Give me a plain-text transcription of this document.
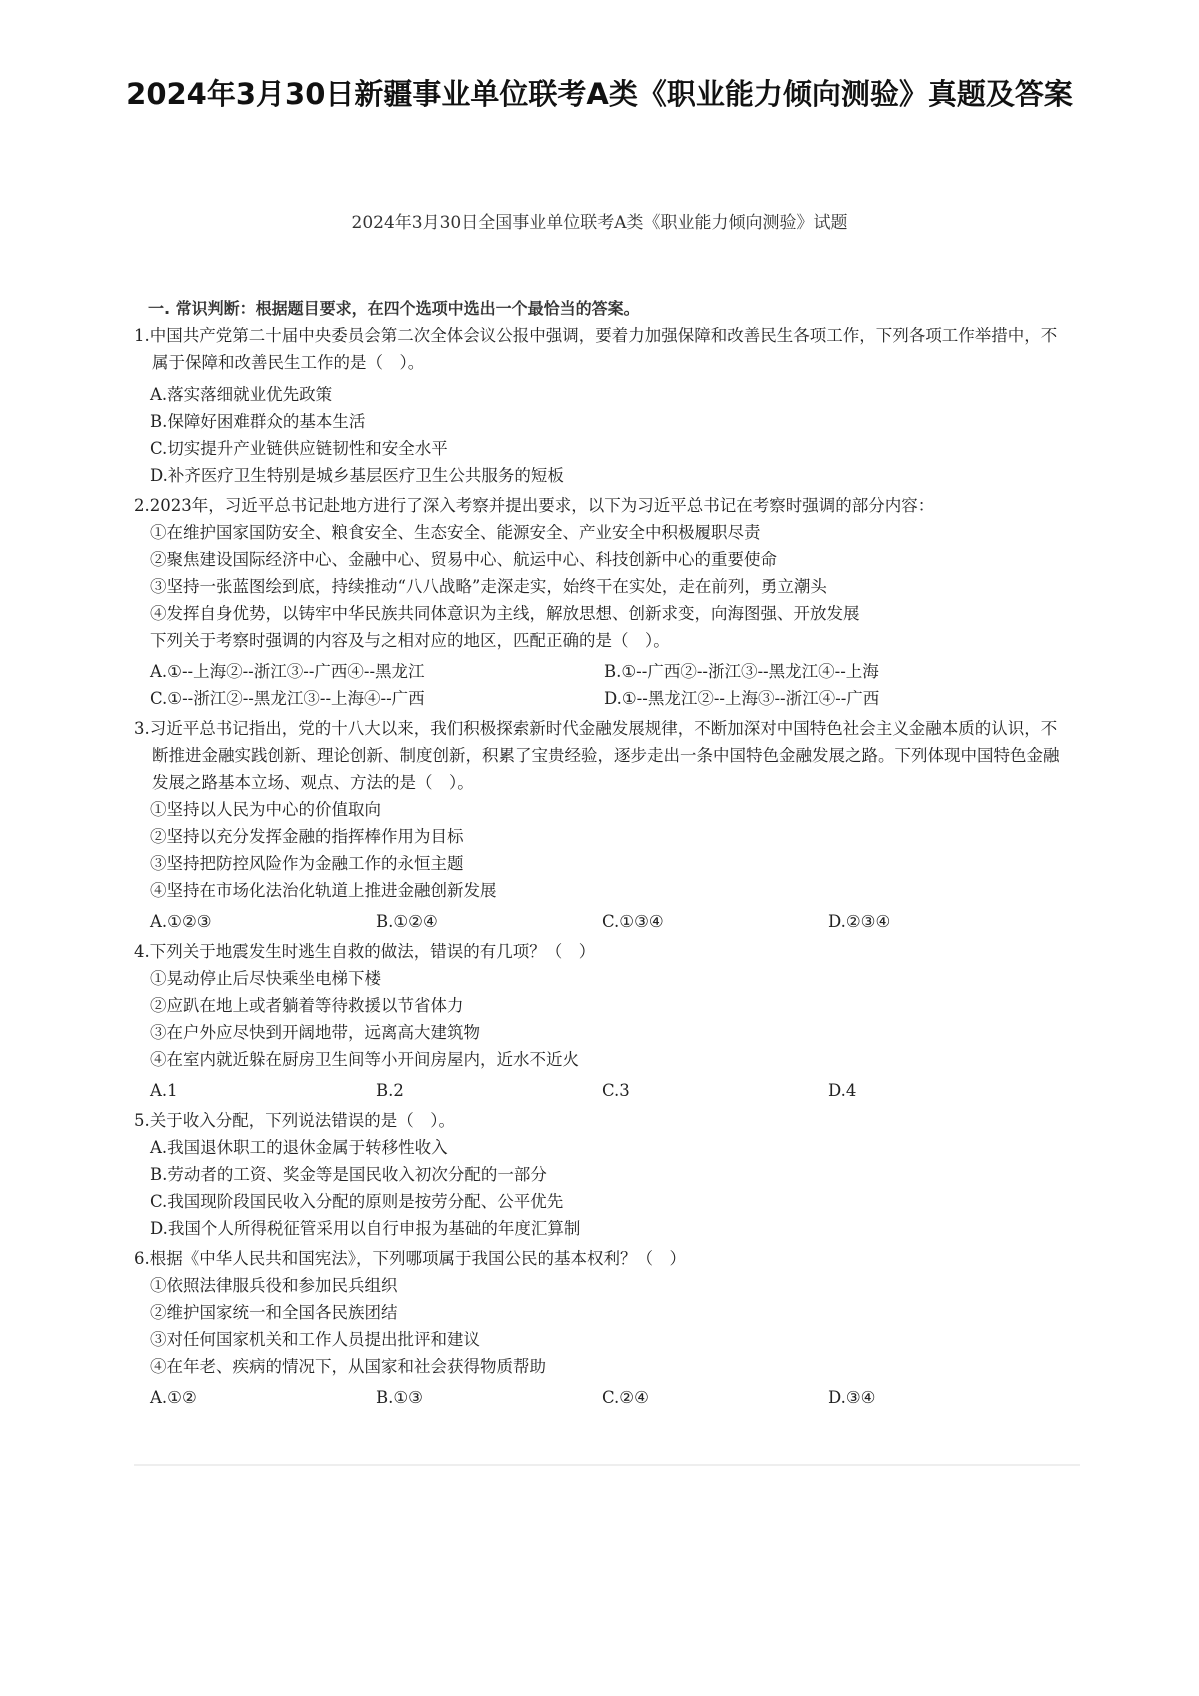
2024年3月30日新疆事业单位联考A类《职业能力倾向测验》真题及答案
2024年3月30日全国事业单位联考A类《职业能力倾向测验》试题
一. 常识判断：根据题目要求，在四个选项中选出一个最恰当的答案。
1.中国共产党第二十届中央委员会第二次全体会议公报中强调，要着力加强保障和改善民生各项工作，下列各项工作举措中，不属于保障和改善民生工作的是（　）。
A.落实落细就业优先政策
B.保障好困难群众的基本生活
C.切实提升产业链供应链韧性和安全水平
D.补齐医疗卫生特别是城乡基层医疗卫生公共服务的短板
2.2023年，习近平总书记赴地方进行了深入考察并提出要求，以下为习近平总书记在考察时强调的部分内容：
①在维护国家国防安全、粮食安全、生态安全、能源安全、产业安全中积极履职尽责
②聚焦建设国际经济中心、金融中心、贸易中心、航运中心、科技创新中心的重要使命
③坚持一张蓝图绘到底，持续推动“八八战略”走深走实，始终干在实处，走在前列，勇立潮头
④发挥自身优势，以铸牢中华民族共同体意识为主线，解放思想、创新求变，向海图强、开放发展
下列关于考察时强调的内容及与之相对应的地区，匹配正确的是（　）。
A.①--上海②--浙江③--广西④--黑龙江	B.①--广西②--浙江③--黑龙江④--上海
C.①--浙江②--黑龙江③--上海④--广西	D.①--黑龙江②--上海③--浙江④--广西
3.习近平总书记指出，党的十八大以来，我们积极探索新时代金融发展规律，不断加深对中国特色社会主义金融本质的认识，不断推进金融实践创新、理论创新、制度创新，积累了宝贵经验，逐步走出一条中国特色金融发展之路。下列体现中国特色金融发展之路基本立场、观点、方法的是（　）。
①坚持以人民为中心的价值取向
②坚持以充分发挥金融的指挥棒作用为目标
③坚持把防控风险作为金融工作的永恒主题
④坚持在市场化法治化轨道上推进金融创新发展
A.①②③	B.①②④	C.①③④	D.②③④
4.下列关于地震发生时逃生自救的做法，错误的有几项？（　）
①晃动停止后尽快乘坐电梯下楼
②应趴在地上或者躺着等待救援以节省体力
③在户外应尽快到开阔地带，远离高大建筑物
④在室内就近躲在厨房卫生间等小开间房屋内，近水不近火
A.1	B.2	C.3	D.4
5.关于收入分配，下列说法错误的是（　）。
A.我国退休职工的退休金属于转移性收入
B.劳动者的工资、奖金等是国民收入初次分配的一部分
C.我国现阶段国民收入分配的原则是按劳分配、公平优先
D.我国个人所得税征管采用以自行申报为基础的年度汇算制
6.根据《中华人民共和国宪法》，下列哪项属于我国公民的基本权利？（　）
①依照法律服兵役和参加民兵组织
②维护国家统一和全国各民族团结
③对任何国家机关和工作人员提出批评和建议
④在年老、疾病的情况下，从国家和社会获得物质帮助
A.①②	B.①③	C.②④	D.③④
